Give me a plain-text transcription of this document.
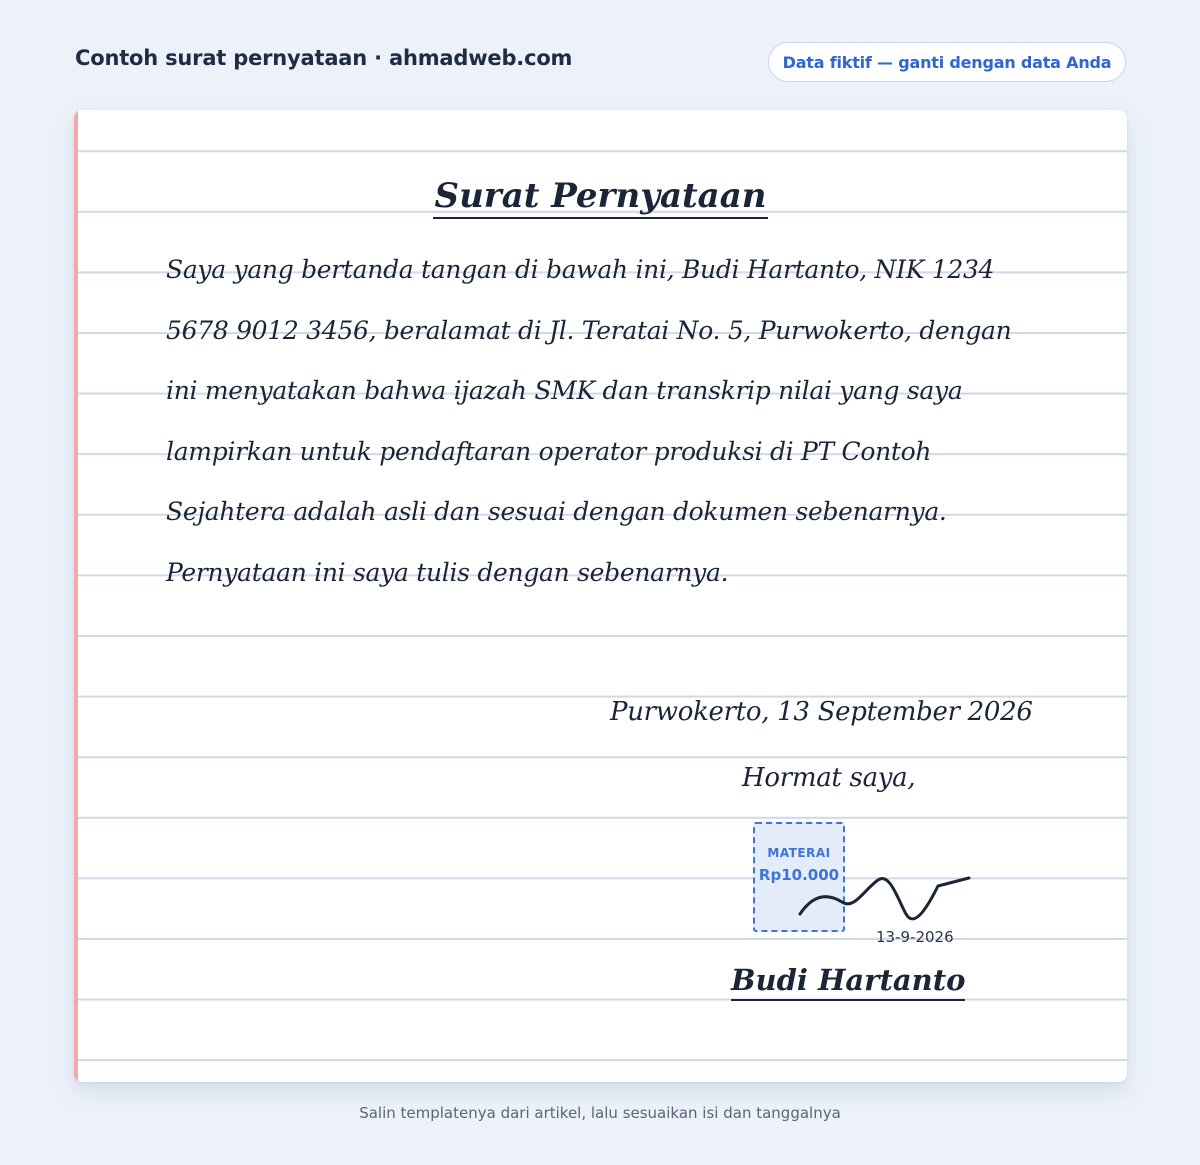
Contoh surat pernyataan · ahmadweb.com	Data fiktif — ganti dengan data Anda
Surat Pernyataan

Saya yang bertanda tangan di bawah ini, Budi Hartanto, NIK 1234 5678 9012 3456, beralamat di Jl. Teratai No. 5, Purwokerto, dengan ini menyatakan bahwa ijazah SMK dan transkrip nilai yang saya lampirkan untuk pendaftaran operator produksi di PT Contoh Sejahtera adalah asli dan sesuai dengan dokumen sebenarnya.

Pernyataan ini saya tulis dengan sebenarnya.

Purwokerto, 13 September 2026
Hormat saya,
MATERAI
Rp10.000
13-9-2026
Budi Hartanto
Salin templatenya dari artikel, lalu sesuaikan isi dan tanggalnya
